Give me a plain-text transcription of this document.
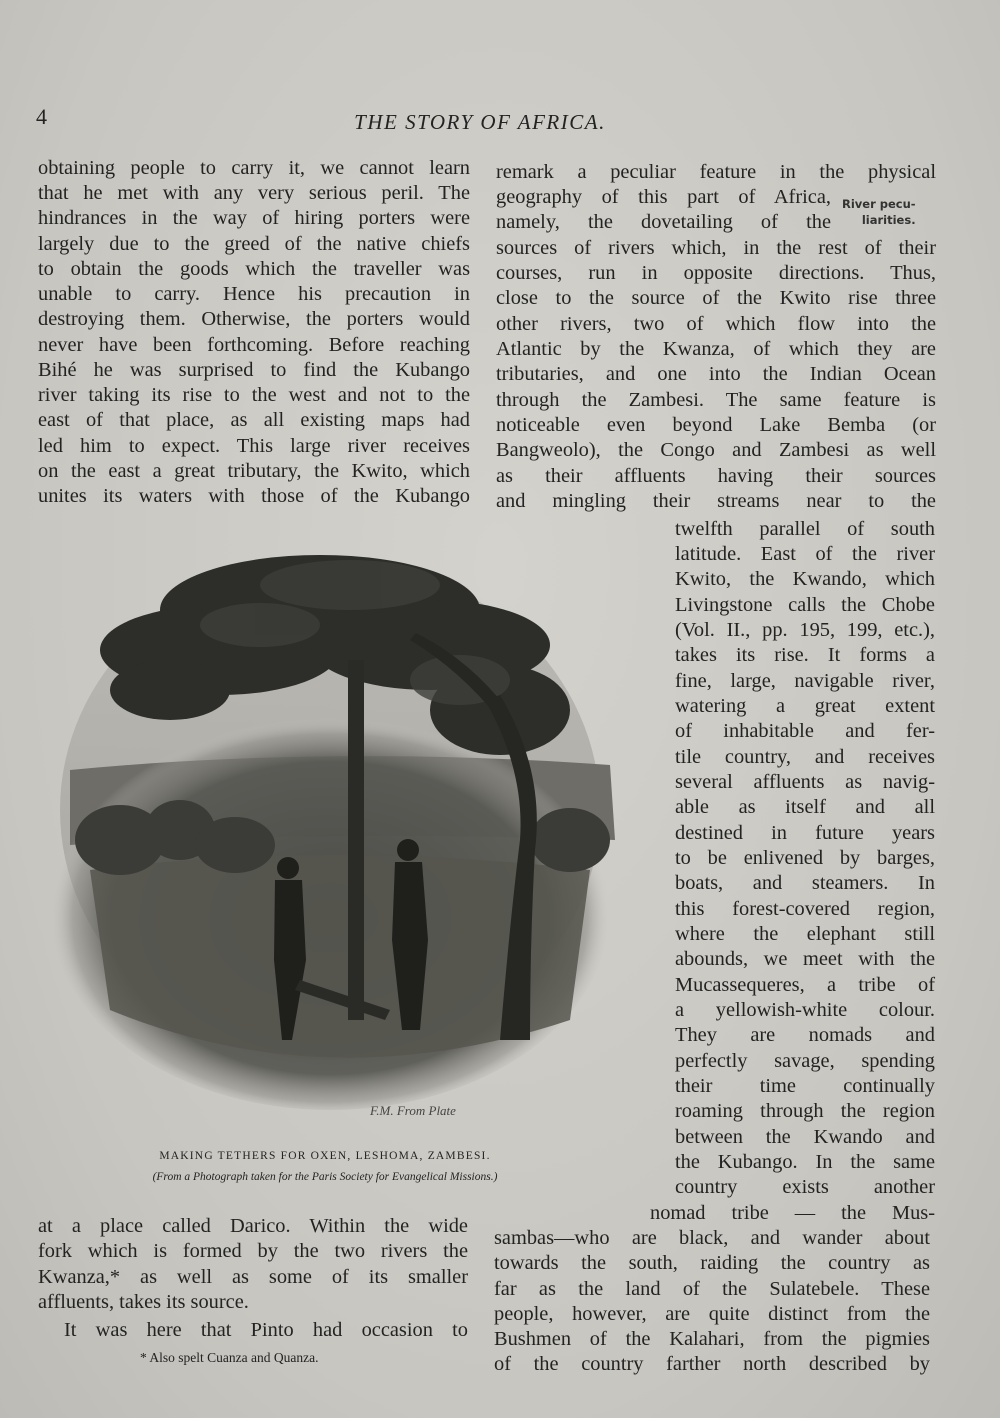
4	THE STORY OF AFRICA.
obtaining people to carry it, we cannot learn
that he met with any very serious peril. The
hindrances in the way of hiring porters were
largely due to the greed of the native chiefs
to obtain the goods which the traveller was
unable to carry. Hence his precaution in
destroying them. Otherwise, the porters would
never have been forthcoming. Before reaching
Bihé he was surprised to find the Kubango
river taking its rise to the west and not to the
east of that place, as all existing maps had
led him to expect. This large river receives
on the east a great tributary, the Kwito, which
unites its waters with those of the Kubango
remark a peculiar feature in the physical
geography of this part of Africa,
namely, the dovetailing of the
sources of rivers which, in the rest of their
courses, run in opposite directions. Thus,
close to the source of the Kwito rise three
other rivers, two of which flow into the
Atlantic by the Kwanza, of which they are
tributaries, and one into the Indian Ocean
through the Zambesi. The same feature is
noticeable even beyond Lake Bemba (or
Bangweolo), the Congo and Zambesi as well
as their affluents having their sources
and mingling their streams near to the
River pecu-
liarities.
twelfth parallel of south
latitude. East of the river
Kwito, the Kwando, which
Livingstone calls the Chobe
(Vol. II., pp. 195, 199, etc.),
takes its rise. It forms a
fine, large, navigable river,
watering a great extent
of inhabitable and fer-
tile country, and receives
several affluents as navig-
able as itself and all
destined in future years
to be enlivened by barges,
boats, and steamers. In
this forest-covered region,
where the elephant still
abounds, we meet with the
Mucassequeres, a tribe of
a yellowish-white colour.
They are nomads and
perfectly savage, spending
their time continually
roaming through the region
between the Kwando and
the Kubango. In the same
country exists another
nomad tribe — the Mus-
F.M. From Plate
MAKING TETHERS FOR OXEN, LESHOMA, ZAMBESI.
(From a Photograph taken for the Paris Society for Evangelical Missions.)
at a place called Darico. Within the wide
fork which is formed by the two rivers the
Kwanza,* as well as some of its smaller
affluents, takes its source.
It was here that Pinto had occasion to
sambas—who are black, and wander about
towards the south, raiding the country as
far as the land of the Sulatebele. These
people, however, are quite distinct from the
Bushmen of the Kalahari, from the pigmies
of the country farther north described by
* Also spelt Cuanza and Quanza.
